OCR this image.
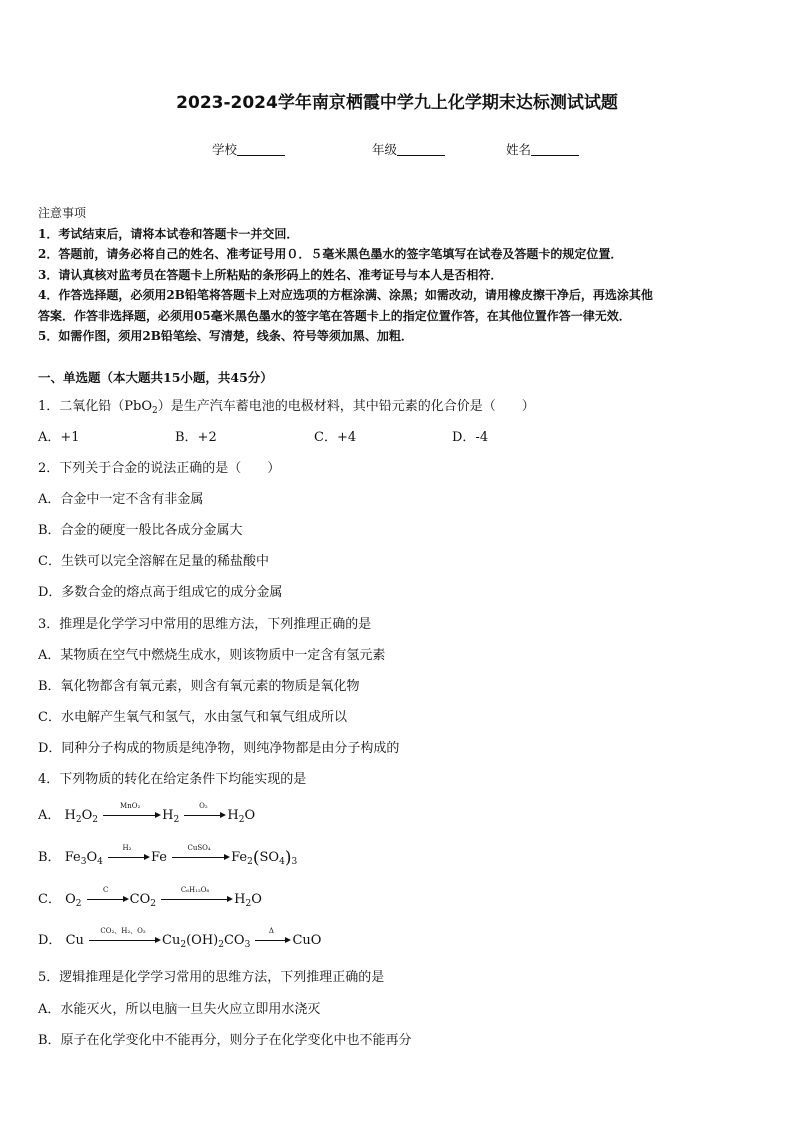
2023-2024学年南京栖霞中学九上化学期末达标测试试题
学校	年级	姓名

注意事项

1．考试结束后，请将本试卷和答题卡一并交回．

2．答题前，请务必将自己的姓名、准考证号用０．５毫米黑色墨水的签字笔填写在试卷及答题卡的规定位置．

3．请认真核对监考员在答题卡上所粘贴的条形码上的姓名、准考证号与本人是否相符．

4．作答选择题，必须用2B铅笔将答题卡上对应选项的方框涂满、涂黑；如需改动，请用橡皮擦干净后，再选涂其他

答案．作答非选择题，必须用05毫米黑色墨水的签字笔在答题卡上的指定位置作答，在其他位置作答一律无效．

5．如需作图，须用2B铅笔绘、写清楚，线条、符号等须加黑、加粗．

一、单选题（本大题共15小题，共45分）
1．二氧化铅（PbO$_2$）是生产汽车蓄电池的电极材料，其中铅元素的化合价是（　　）
A．+1	B．+2	C．+4	D．-4
2．下列关于合金的说法正确的是（　　）
A．合金中一定不含有非金属
B．合金的硬度一般比各成分金属大
C．生铁可以完全溶解在足量的稀盐酸中
D．多数合金的熔点高于组成它的成分金属
3．推理是化学学习中常用的思维方法，下列推理正确的是
A．某物质在空气中燃烧生成水，则该物质中一定含有氢元素
B．氧化物都含有氧元素，则含有氧元素的物质是氧化物
C．水电解产生氧气和氢气，水由氢气和氧气组成所以
D．同种分子构成的物质是纯净物，则纯净物都是由分子构成的
4．下列物质的转化在给定条件下均能实现的是
A． $H_2O_2$
MnO₂
$H_2$
O₂
$H_2O$
B． $Fe_3O_4$
H₂
Fe
CuSO₄
$Fe_2(SO_4)_3$
C． $O_2$
C
$CO_2$
C₆H₁₂O₆
$H_2O$
D． Cu
CO₂、H₂、O₂
$Cu_2(OH)_2CO_3$
Δ
CuO
5．逻辑推理是化学学习常用的思维方法，下列推理正确的是
A．水能灭火，所以电脑一旦失火应立即用水浇灭
B．原子在化学变化中不能再分，则分子在化学变化中也不能再分
